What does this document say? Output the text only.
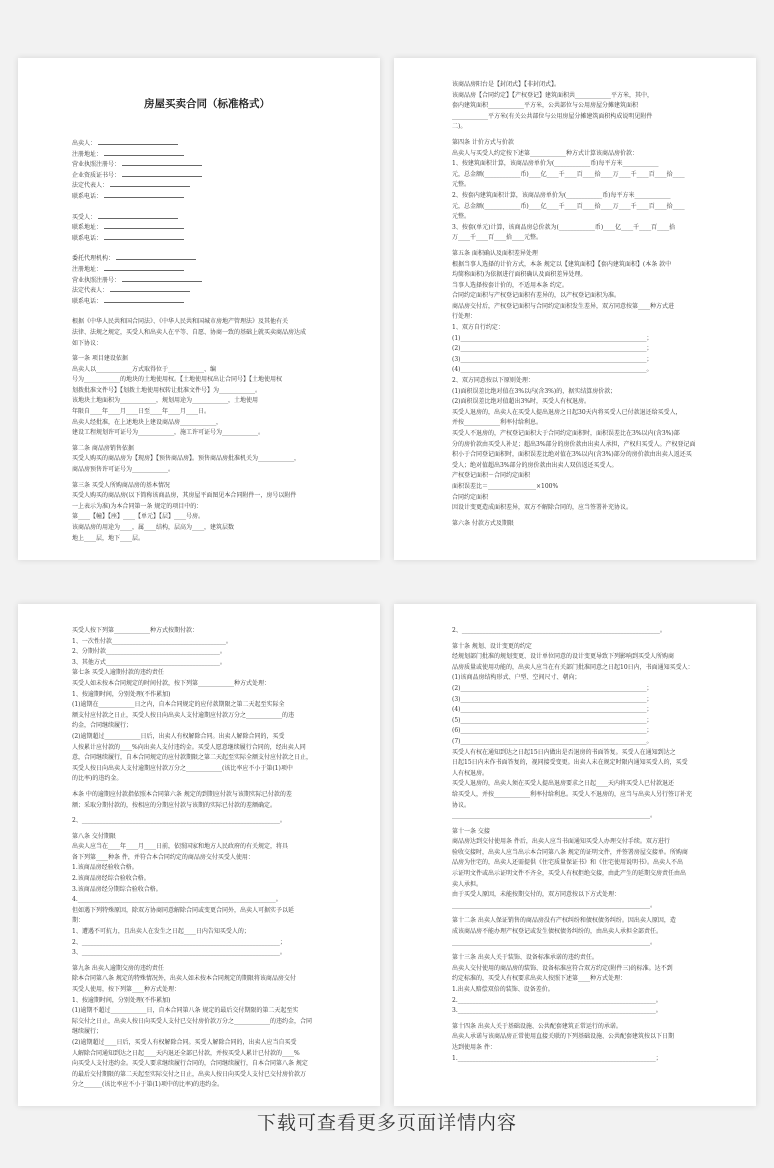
房屋买卖合同（标准格式）
出卖人：
注册地址：
营业执照注册号：
企业资质证书号：
法定代表人：
联系电话：
买受人：
联系地址：
联系电话：
委托代理机构：
注册地址：
营业执照注册号：
法定代表人：
联系电话：
根据《中华人民共和国合同法》、《中华人民共和国城市房地产管理法》及其他有关
法律、法规之规定，买受人和出卖人在平等、自愿、协商一致的基础上就买卖商品房达成
如下协议：
第一条 项目建设依据
出卖人以____________方式取得位于____________、编
号为____________的地块的土地使用权。【土地使用权出让合同号】【土地使用权
划拨批准文件号】【划拨土地使用权转让批准文件号】为____________。
该地块土地面积为____________，规划用途为____________，土地使用
年限自____年____月____日至____年____月____日。
出卖人经批准，在上述地块上建设商品房____________，
建设工程规划许可证号为____________，施工许可证号为____________。
第二条 商品房销售依据
买受人购买的商品房为【现房】【预售商品房】。预售商品房批准机关为____________，
商品房预售许可证号为____________。
第三条 买受人所购商品房的基本情况
买受人购买的商品房(以下简称该商品房，其房屋平面图见本合同附件一，房号以附件
一上表示为准)为本合同第一条 规定的项目中的：
第____【幢】【座】____【单元】【层】____号房。
该商品房的用途为____，属____结构，层高为____，建筑层数
地上____层，地下____层。
该商品房阳台是【封闭式】【非封闭式】。
该商品房【合同约定】【产权登记】建筑面积共____________平方米，其中，
套内建筑面积____________平方米，公共部位与公用房屋分摊建筑面积
____________平方米(有关公共部位与公用房屋分摊建筑面积构成说明见附件
二)。
第四条 计价方式与价款
出卖人与买受人约定按下述第____________种方式计算该商品房价款：
1、按建筑面积计算，该商品房单价为(____________币)每平方米____________
元，总金额(____________币)____亿____千____百____拾____万____千____百____拾____
元整。
2、按套内建筑面积计算，该商品房单价为(____________币)每平方米____________
元，总金额(____________币)____亿____千____百____拾____万____千____百____拾____
元整。
3、按套(单元)计算，该商品房总价款为(____________币)____亿____千____百____拾
万____千____百____拾____元整。
第五条 面积确认及面积差异处理
根据当事人选择的计价方式，本条 规定以【建筑面积】【套内建筑面积】(本条 款中
均简称面积)为依据进行面积确认及面积差异处理。
当事人选择按套计价的，不适用本条 约定。
合同约定面积与产权登记面积有差异的，以产权登记面积为准。
商品房交付后，产权登记面积与合同约定面积发生差异，双方同意按第____种方式进
行处理：
1、双方自行约定：
(1)______________________________________________________________；
(2)______________________________________________________________；
(3)______________________________________________________________；
(4)______________________________________________________________。
2、双方同意按以下原则处理：
(1)面积误差比绝对值在3%以内(含3%)的，据实结算房价款；
(2)面积误差比绝对值超出3%时，买受人有权退房。
买受人退房的，出卖人在买受人提出退房之日起30天内将买受人已付款退还给买受人，
并按____________利率付给利息。
买受人不退房的，产权登记面积大于合同约定面积时，面积误差比在3%以内(含3%)部
分的房价款由买受人补足；超出3%部分的房价款由出卖人承担，产权归买受人。产权登记面
积小于合同登记面积时，面积误差比绝对值在3%以内(含3%)部分的房价款由出卖人返还买
受人；绝对值超出3%部分的房价款由出卖人双倍返还买受人。
产权登记面积－合同约定面积
面积误差比＝________________×100%
合同约定面积
因设计变更造成面积差异，双方不解除合同的，应当签署补充协议。
第六条 付款方式及期限
买受人按下列第____________种方式按期付款：
1、一次性付款______________________________________。
2、分期付款______________________________________。
3、其他方式______________________________________。
第七条 买受人逾期付款的违约责任
买受人如未按本合同规定的时间付款，按下列第____________种方式处理：
1、按逾期时间，分别处理(不作累加)
(1)逾期在____________日之内，自本合同规定的应付款期限之第二天起至实际全
额支付应付款之日止，买受人按日向出卖人支付逾期应付款万分之____________的违
约金，合同继续履行；
(2)逾期超过____________日后，出卖人有权解除合同。出卖人解除合同的，买受
人按累计应付款的____%向出卖人支付违约金。买受人愿意继续履行合同的，经出卖人同
意，合同继续履行，自本合同规定的应付款期限之第二天起至实际全额支付应付款之日止，
买受人按日向出卖人支付逾期应付款万分之____________(该比率应不小于第(1)项中
的比率)的违约金。
本条 中的逾期应付款指依照本合同第六条 规定的到期应付款与该期实际已付款的差
额；采取分期付款的，按相应的分期应付款与该期的实际已付款的差额确定。
2、__________________________________________________________________。
第八条 交付期限
出卖人应当在____年____月____日前，依照国家和地方人民政府的有关规定，将具
备下列第____种条 件，并符合本合同约定的商品房交付买受人使用：
1.该商品房经验收合格。
2.该商品房经综合验收合格。
3.该商品房经分期综合验收合格。
4.__________________________________________________________________。
但如遇下列特殊原因，除双方协商同意解除合同或变更合同外，出卖人可据实予以延
期：
1、遭遇不可抗力，且出卖人在发生之日起____日内告知买受人的；
2、__________________________________________________________________；
3、__________________________________________________________________。
第九条 出卖人逾期交房的违约责任
除本合同第八条 规定的特殊情况外，出卖人如未按本合同规定的期限将该商品房交付
买受人使用，按下列第____种方式处理：
1、按逾期时间，分别处理(不作累加)
(1)逾期不超过____________日，自本合同第八条 规定的最后交付期限的第二天起至实
际交付之日止，出卖人按日向买受人支付已交付房价款万分之____________的违约金，合同
继续履行；
(2)逾期超过____日后，买受人有权解除合同。买受人解除合同的，出卖人应当自买受
人解除合同通知到达之日起____天内退还全部已付款，并按买受人累计已付款的____%
向买受人支付违约金。买受人要求继续履行合同的，合同继续履行，自本合同第八条 规定
的最后交付期限的第二天起至实际交付之日止，出卖人按日向买受人支付已交付房价款万
分之______(该比率应不小于第(1)项中的比率)的违约金。
2、__________________________________________________________________。
第十条 规划、设计变更的约定
经规划部门批准的规划变更、设计单位同意的设计变更导致下列影响到买受人所购商
品房质量或使用功能的，出卖人应当在有关部门批准同意之日起10日内，书面通知买受人：
(1)该商品房结构形式、户型、空间尺寸、朝向；
(2)______________________________________________________________；
(3)______________________________________________________________；
(4)______________________________________________________________；
(5)______________________________________________________________；
(6)______________________________________________________________；
(7)______________________________________________________________。
买受人有权在通知到达之日起15日内做出是否退房的书面答复。买受人在通知到达之
日起15日内未作书面答复的，视同接受变更。出卖人未在规定时限内通知买受人的，买受
人有权退房。
买受人退房的，出卖人须在买受人提出退房要求之日起____天内将买受人已付款退还
给买受人，并按____________利率付给利息。买受人不退房的，应当与出卖人另行签订补充
协议。
__________________________________________________________________。
第十一条 交接
商品房达到交付使用条 件后，出卖人应当书面通知买受人办理交付手续。双方进行
验收交接时，出卖人应当出示本合同第八条 规定的证明文件，并签署房屋交接单。所购商
品房为住宅的，出卖人还需提供《住宅质量保证书》和《住宅使用说明书》。出卖人不出
示证明文件或出示证明文件不齐全，买受人有权拒绝交接，由此产生的延期交房责任由出
卖人承担。
由于买受人原因，未能按期交付的，双方同意按以下方式处理：
__________________________________________________________________。
第十二条 出卖人保证销售的商品房没有产权纠纷和债权债务纠纷。因出卖人原因，造
成该商品房不能办理产权登记或发生债权债务纠纷的，由出卖人承担全部责任。
__________________________________________________________________。
第十三条 出卖人关于装饰、设备标准承诺的违约责任。
出卖人交付使用的商品房的装饰、设备标准应符合双方约定(附件三)的标准。达不到
约定标准的，买受人有权要求出卖人按照下述第____种方式处理：
1.出卖人赔偿双倍的装饰、设备差价。
2.__________________________________________________________________。
3.__________________________________________________________________。
第十四条 出卖人关于基础设施、公共配套建筑正常运行的承诺。
出卖人承诺与该商品房正常使用直接关联的下列基础设施、公共配套建筑按以下日期
达到使用条 件：
1.__________________________________________________________________；
下载可查看更多页面详情内容
